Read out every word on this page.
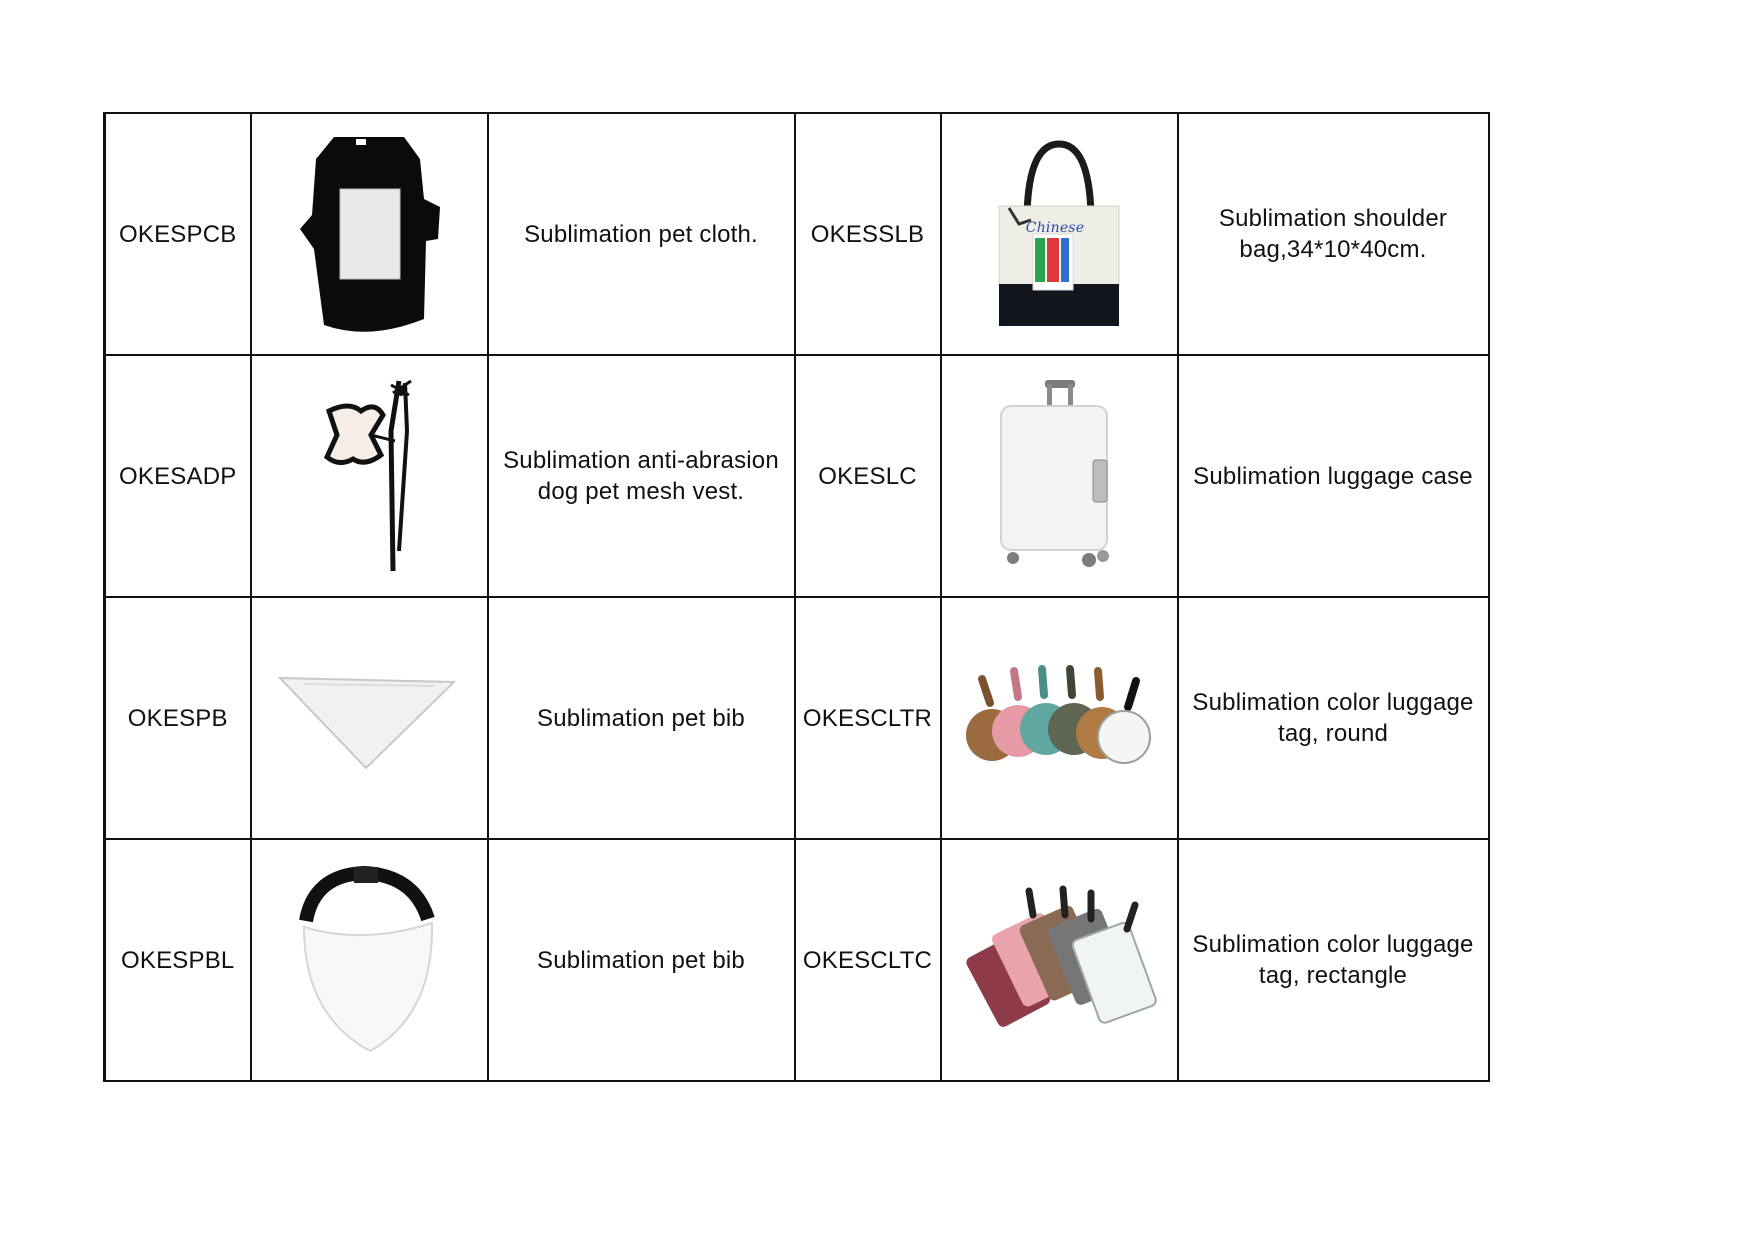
OKESPCB		Sublimation pet cloth.	OKESSLB	Chinese	Sublimation shoulder bag,34*10*40cm.
OKESADP		Sublimation anti-abrasion dog pet mesh vest.	OKESLC		Sublimation luggage case
OKESPB		Sublimation pet bib	OKESCLTR		Sublimation color luggage tag, round
OKESPBL		Sublimation pet bib	OKESCLTC		Sublimation color luggage tag, rectangle
